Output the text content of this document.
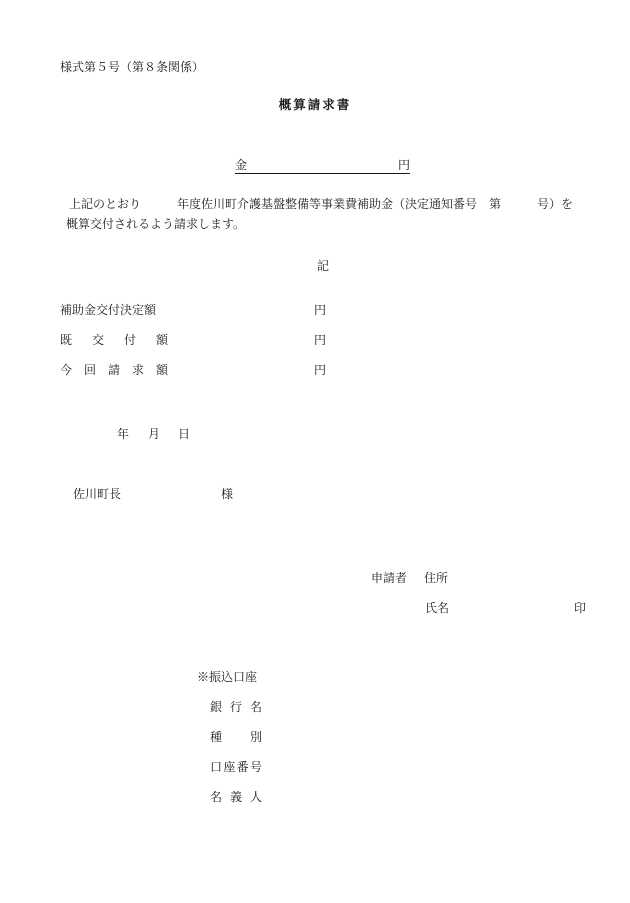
様式第５号（第８条関係）
概算請求書
金	円
上記のとおり　　　年度佐川町介護基盤整備等事業費補助金（決定通知番号　第　　　号）を
概算交付されるよう請求します。
記
補助金交付決定額	円
既 交 付 額	円
今 回 請 求 額	円
年 月 日
佐川町長	様
申請者 住所
氏名	印
※振込口座
銀 行 名
種 別
口 座 番 号
名 義 人
